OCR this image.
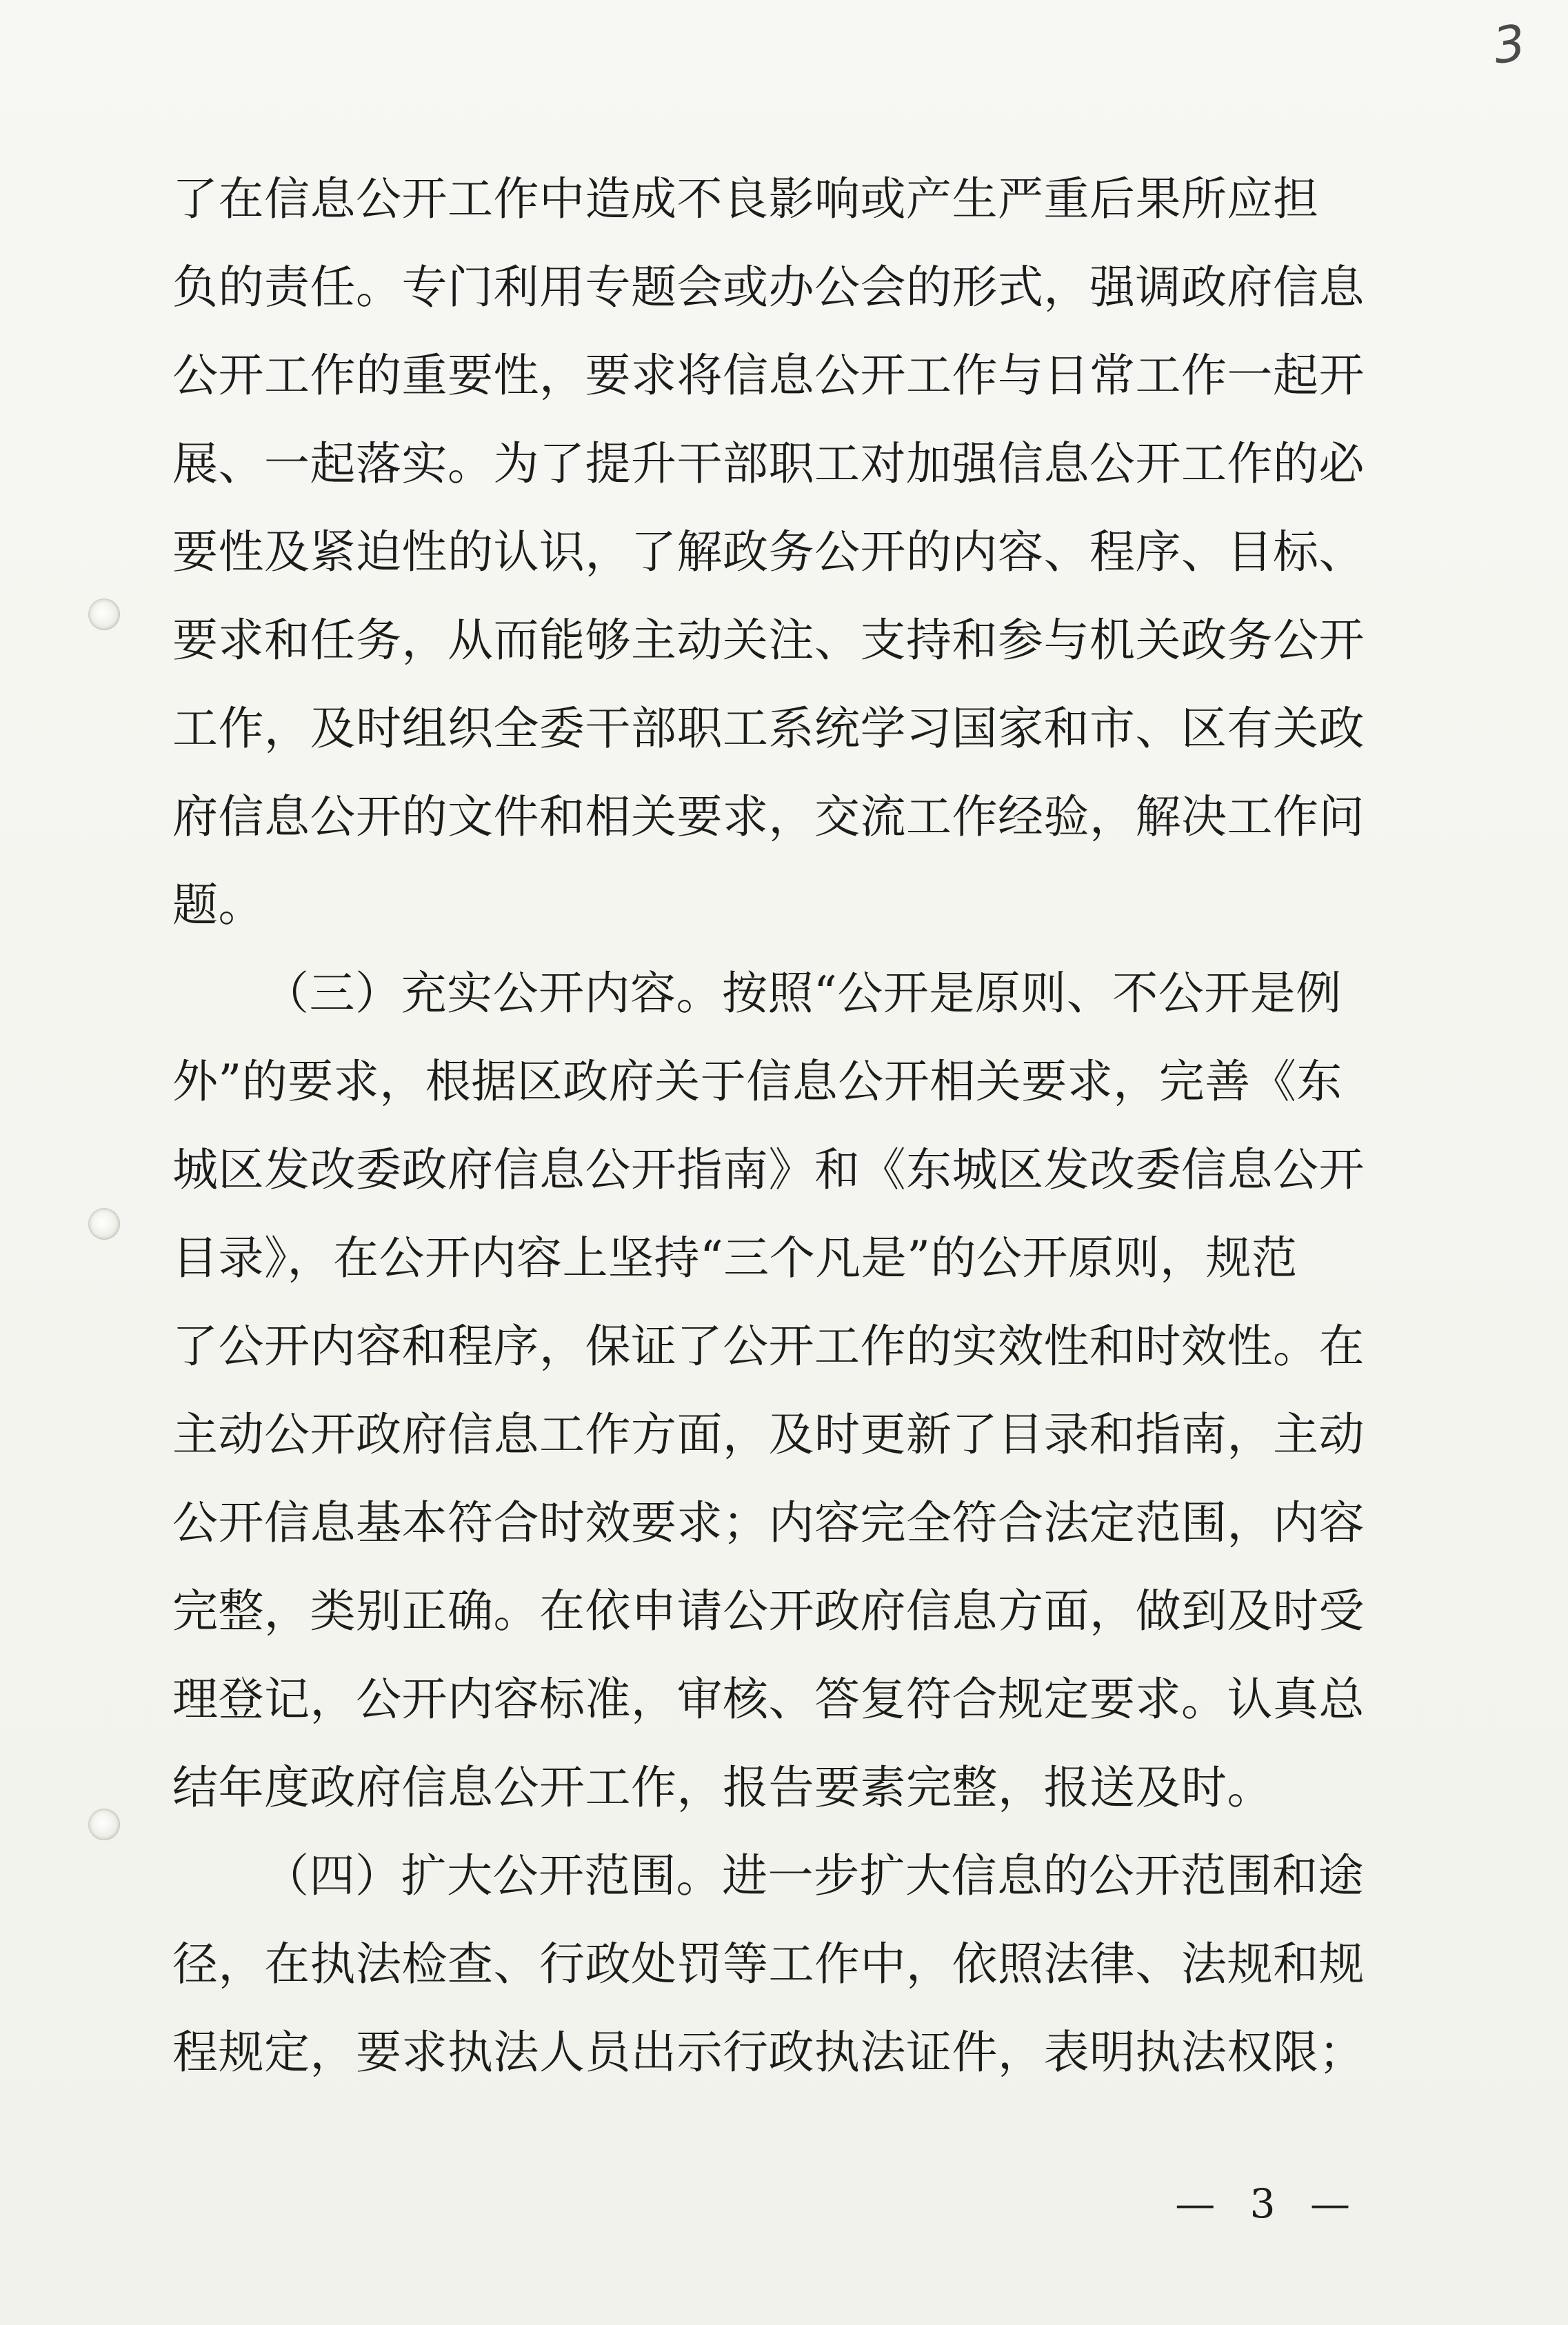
3
了在信息公开工作中造成不良影响或产生严重后果所应担
负的责任。专门利用专题会或办公会的形式，强调政府信息
公开工作的重要性，要求将信息公开工作与日常工作一起开
展、一起落实。为了提升干部职工对加强信息公开工作的必
要性及紧迫性的认识，了解政务公开的内容、程序、目标、
要求和任务，从而能够主动关注、支持和参与机关政务公开
工作，及时组织全委干部职工系统学习国家和市、区有关政
府信息公开的文件和相关要求，交流工作经验，解决工作问
题。
（三）充实公开内容。按照“公开是原则、不公开是例
外”的要求，根据区政府关于信息公开相关要求，完善《东
城区发改委政府信息公开指南》和《东城区发改委信息公开
目录》，在公开内容上坚持“三个凡是”的公开原则，规范
了公开内容和程序，保证了公开工作的实效性和时效性。在
主动公开政府信息工作方面，及时更新了目录和指南，主动
公开信息基本符合时效要求；内容完全符合法定范围，内容
完整，类别正确。在依申请公开政府信息方面，做到及时受
理登记，公开内容标准，审核、答复符合规定要求。认真总
结年度政府信息公开工作，报告要素完整，报送及时。
（四）扩大公开范围。进一步扩大信息的公开范围和途
径，在执法检查、行政处罚等工作中，依照法律、法规和规
程规定，要求执法人员出示行政执法证件，表明执法权限；
— 3 —
